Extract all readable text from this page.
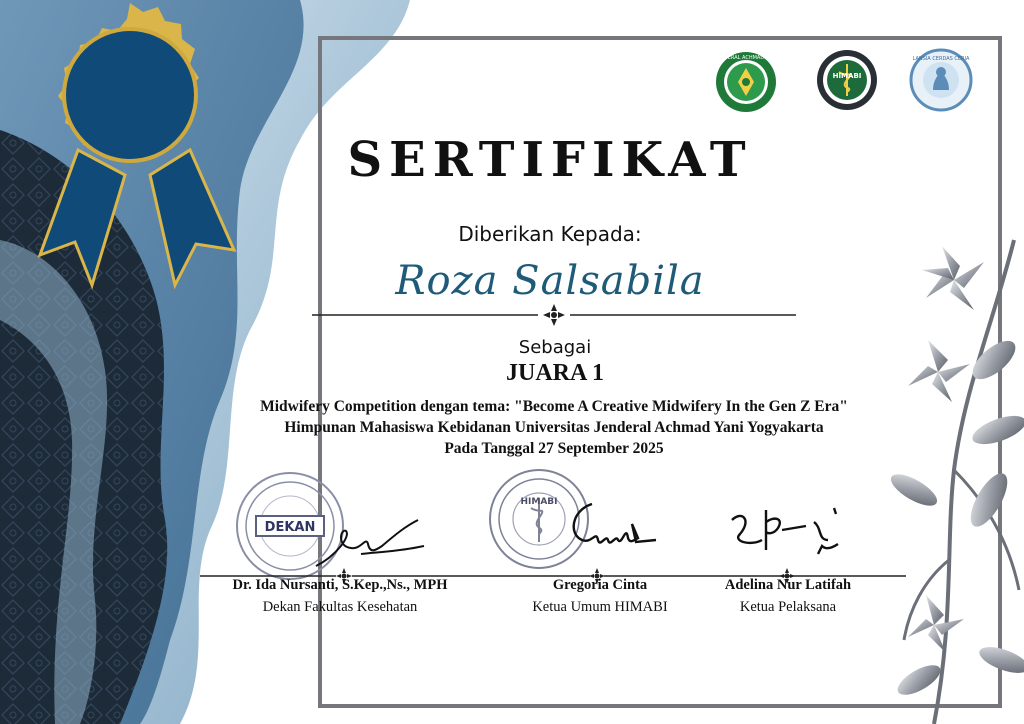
UNIVERSITAS JENDERAL ACHMAD YANI YOGYAKARTA
HIMABI
LANSIA CERDAS CERIA
SERTIFIKAT
Diberikan Kepada:
Roza Salsabila
Sebagai
JUARA 1
Midwifery Competition dengan tema: "Become A Creative Midwifery In the Gen Z Era"
Himpunan Mahasiswa Kebidanan Universitas Jenderal Achmad Yani Yogyakarta
Pada Tanggal 27 September 2025
DEKAN
HIMABI
Dr. Ida Nursanti, S.Kep.,Ns., MPH
Dekan Fakultas Kesehatan
Gregoria Cinta
Ketua Umum HIMABI
Adelina Nur Latifah
Ketua Pelaksana
